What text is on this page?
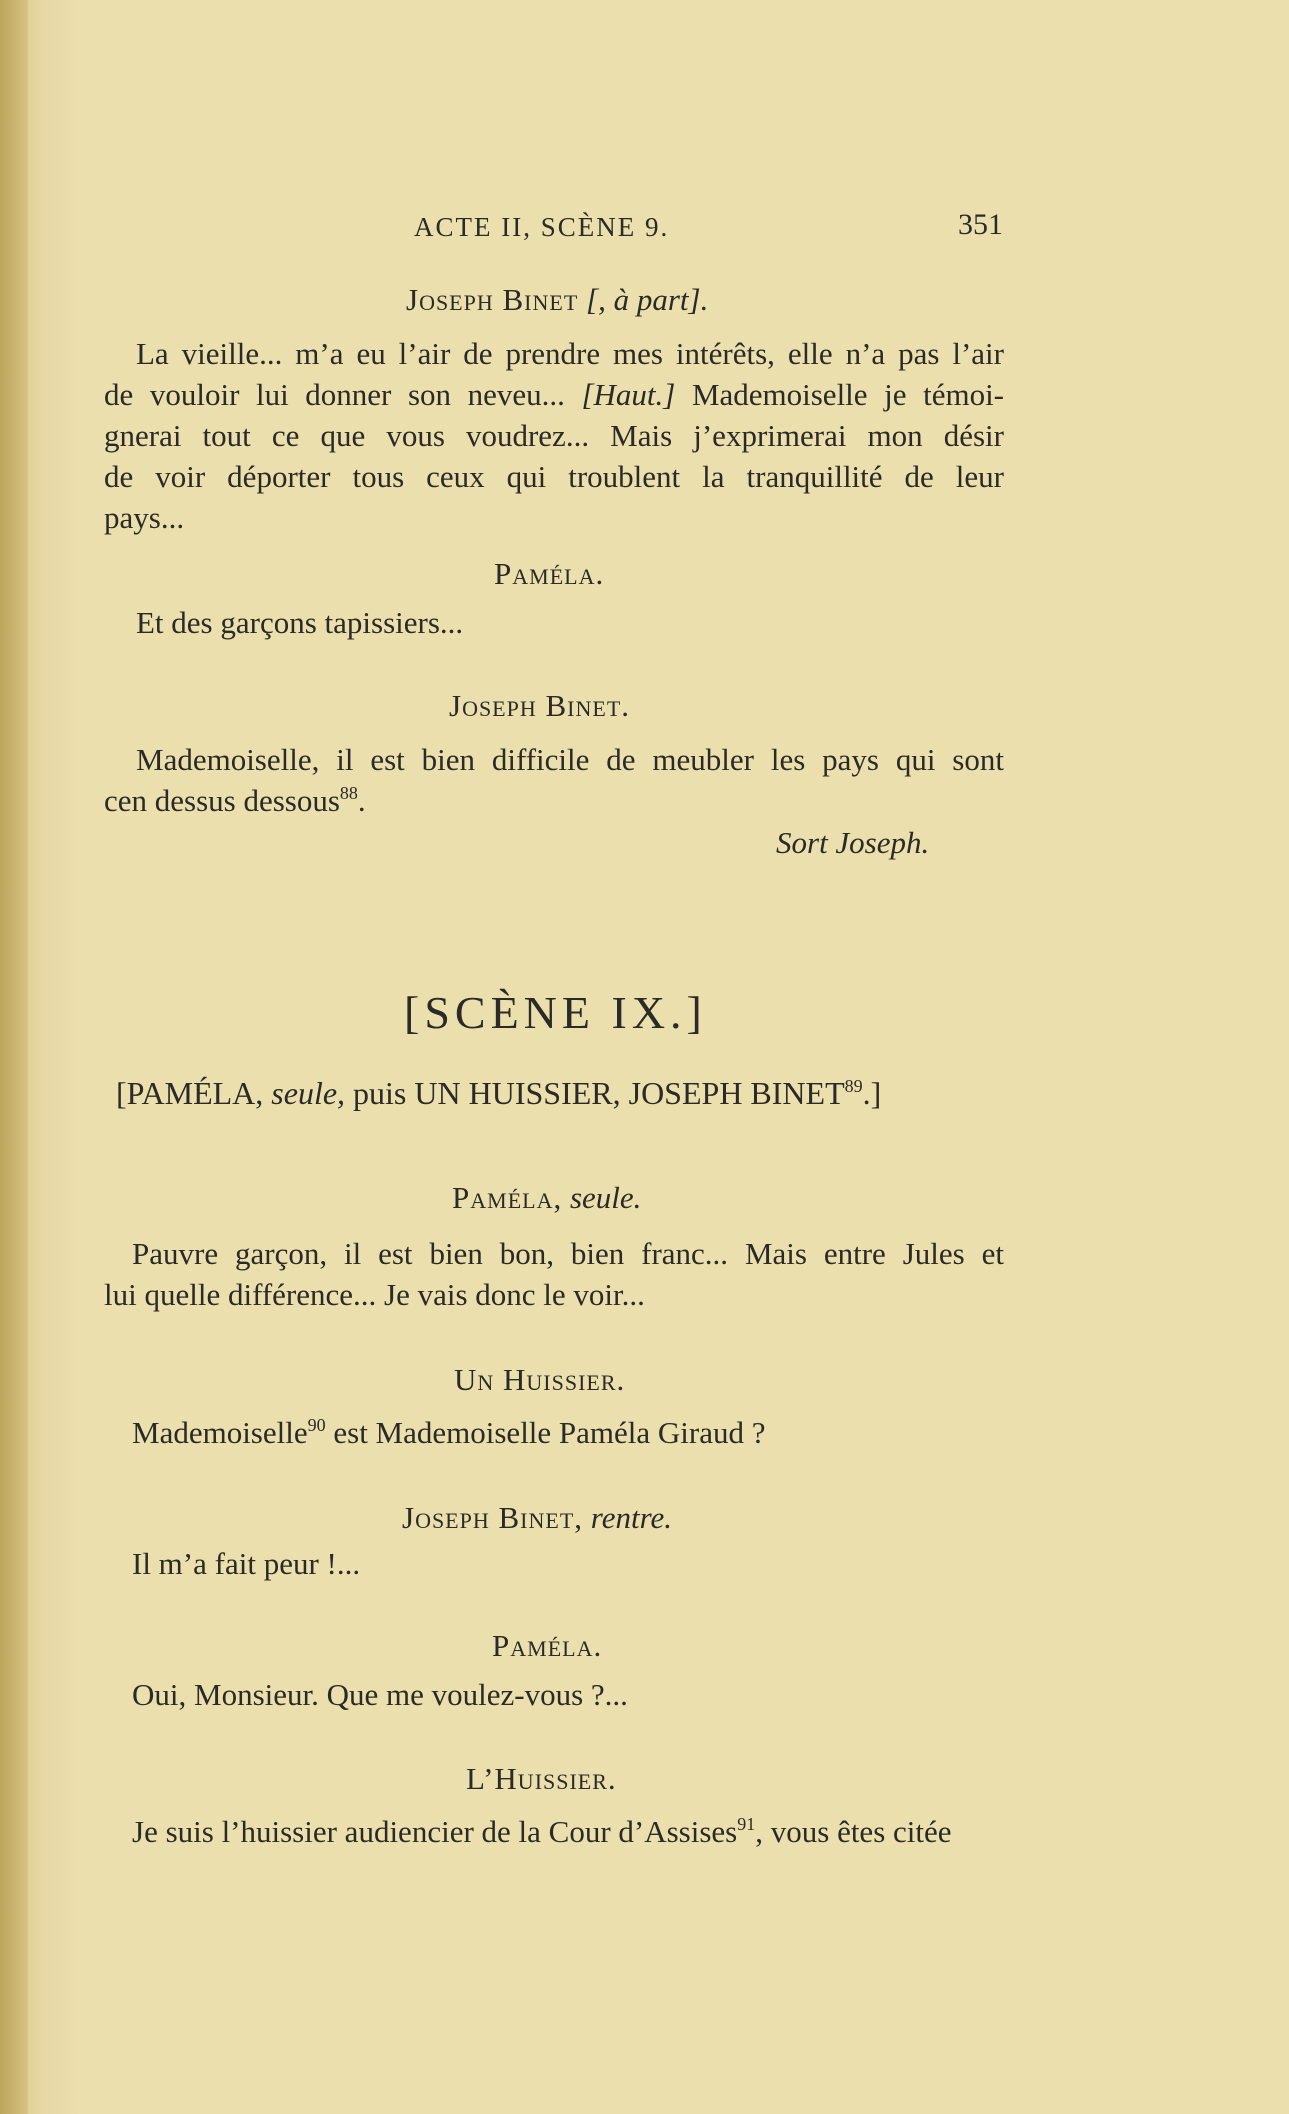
ACTE II, SCÈNE 9.	351
Joseph Binet [, à part].
La vieille... m’a eu l’air de prendre mes intérêts, elle n’a pas l’air
de vouloir lui donner son neveu... [Haut.] Mademoiselle je témoi-
gnerai tout ce que vous voudrez... Mais j’exprimerai mon désir
de voir déporter tous ceux qui troublent la tranquillité de leur
pays...
Paméla.
Et des garçons tapissiers...
Joseph Binet.
Mademoiselle, il est bien difficile de meubler les pays qui sont
cen dessus dessous$^{88}$.
Sort Joseph.
[SCÈNE IX.]
[PAMÉLA, seule, puis UN HUISSIER, JOSEPH BINET$^{89}$.]
Paméla, seule.
Pauvre garçon, il est bien bon, bien franc... Mais entre Jules et
lui quelle différence... Je vais donc le voir...
Un Huissier.
Mademoiselle$^{90}$ est Mademoiselle Paméla Giraud ?
Joseph Binet, rentre.
Il m’a fait peur !...
Paméla.
Oui, Monsieur. Que me voulez-vous ?...
L’Huissier.
Je suis l’huissier audiencier de la Cour d’Assises$^{91}$, vous êtes citée
